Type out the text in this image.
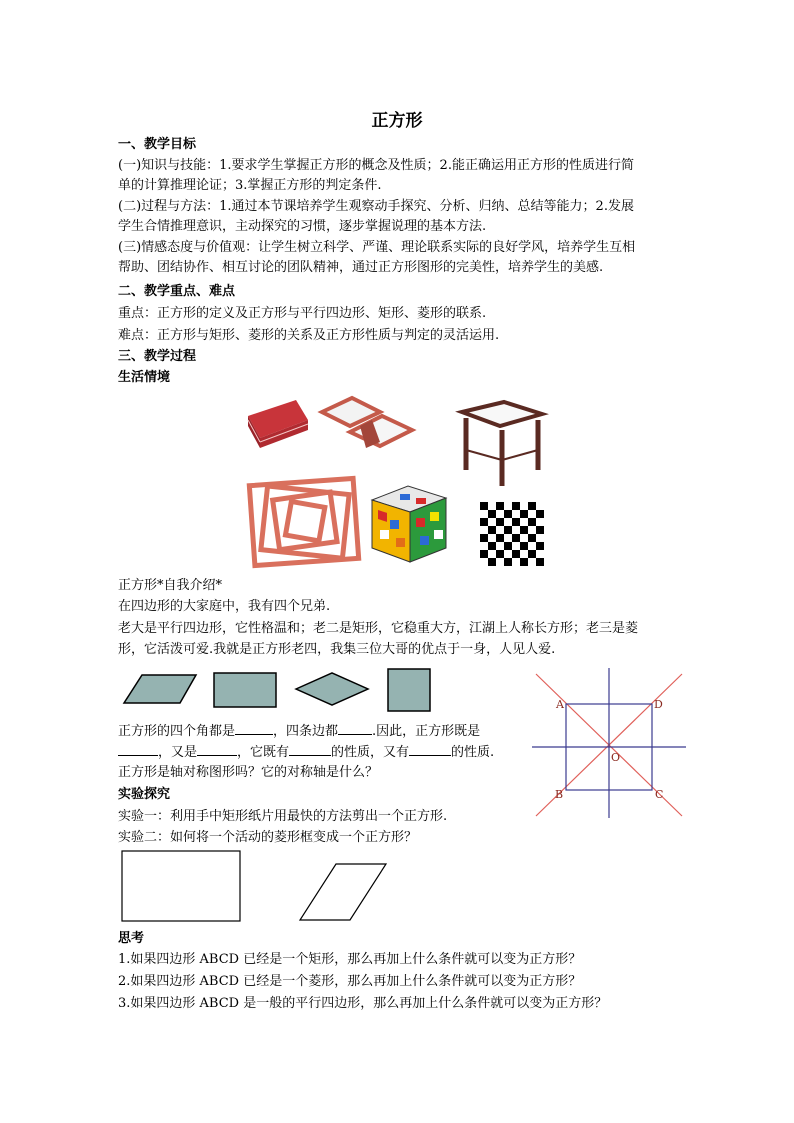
正方形
一、教学目标
(一)知识与技能：1.要求学生掌握正方形的概念及性质；2.能正确运用正方形的性质进行简
单的计算推理论证；3.掌握正方形的判定条件.
(二)过程与方法：1.通过本节课培养学生观察动手探究、分析、归纳、总结等能力；2.发展
学生合情推理意识，主动探究的习惯，逐步掌握说理的基本方法.
(三)情感态度与价值观：让学生树立科学、严谨、理论联系实际的良好学风，培养学生互相
帮助、团结协作、相互讨论的团队精神，通过正方形图形的完美性，培养学生的美感.
二、教学重点、难点
重点：正方形的定义及正方形与平行四边形、矩形、菱形的联系.
难点：正方形与矩形、菱形的关系及正方形性质与判定的灵活运用.
三、教学过程
生活情境
正方形*自我介绍*
在四边形的大家庭中，我有四个兄弟.
老大是平行四边形，它性格温和；老二是矩形，它稳重大方，江湖上人称长方形；老三是菱
形，它活泼可爱.我就是正方形老四，我集三位大哥的优点于一身，人见人爱.
正方形的四个角都是	，四条边都	.因此，正方形既是
，又是	，它既有	的性质，又有	的性质.
正方形是轴对称图形吗？它的对称轴是什么？
A	D
B	C
O
实验探究
实验一：利用手中矩形纸片用最快的方法剪出一个正方形.
实验二：如何将一个活动的菱形框变成一个正方形？
思考
1.如果四边形 ABCD 已经是一个矩形，那么再加上什么条件就可以变为正方形？
2.如果四边形 ABCD 已经是一个菱形，那么再加上什么条件就可以变为正方形？
3.如果四边形 ABCD 是一般的平行四边形，那么再加上什么条件就可以变为正方形？
